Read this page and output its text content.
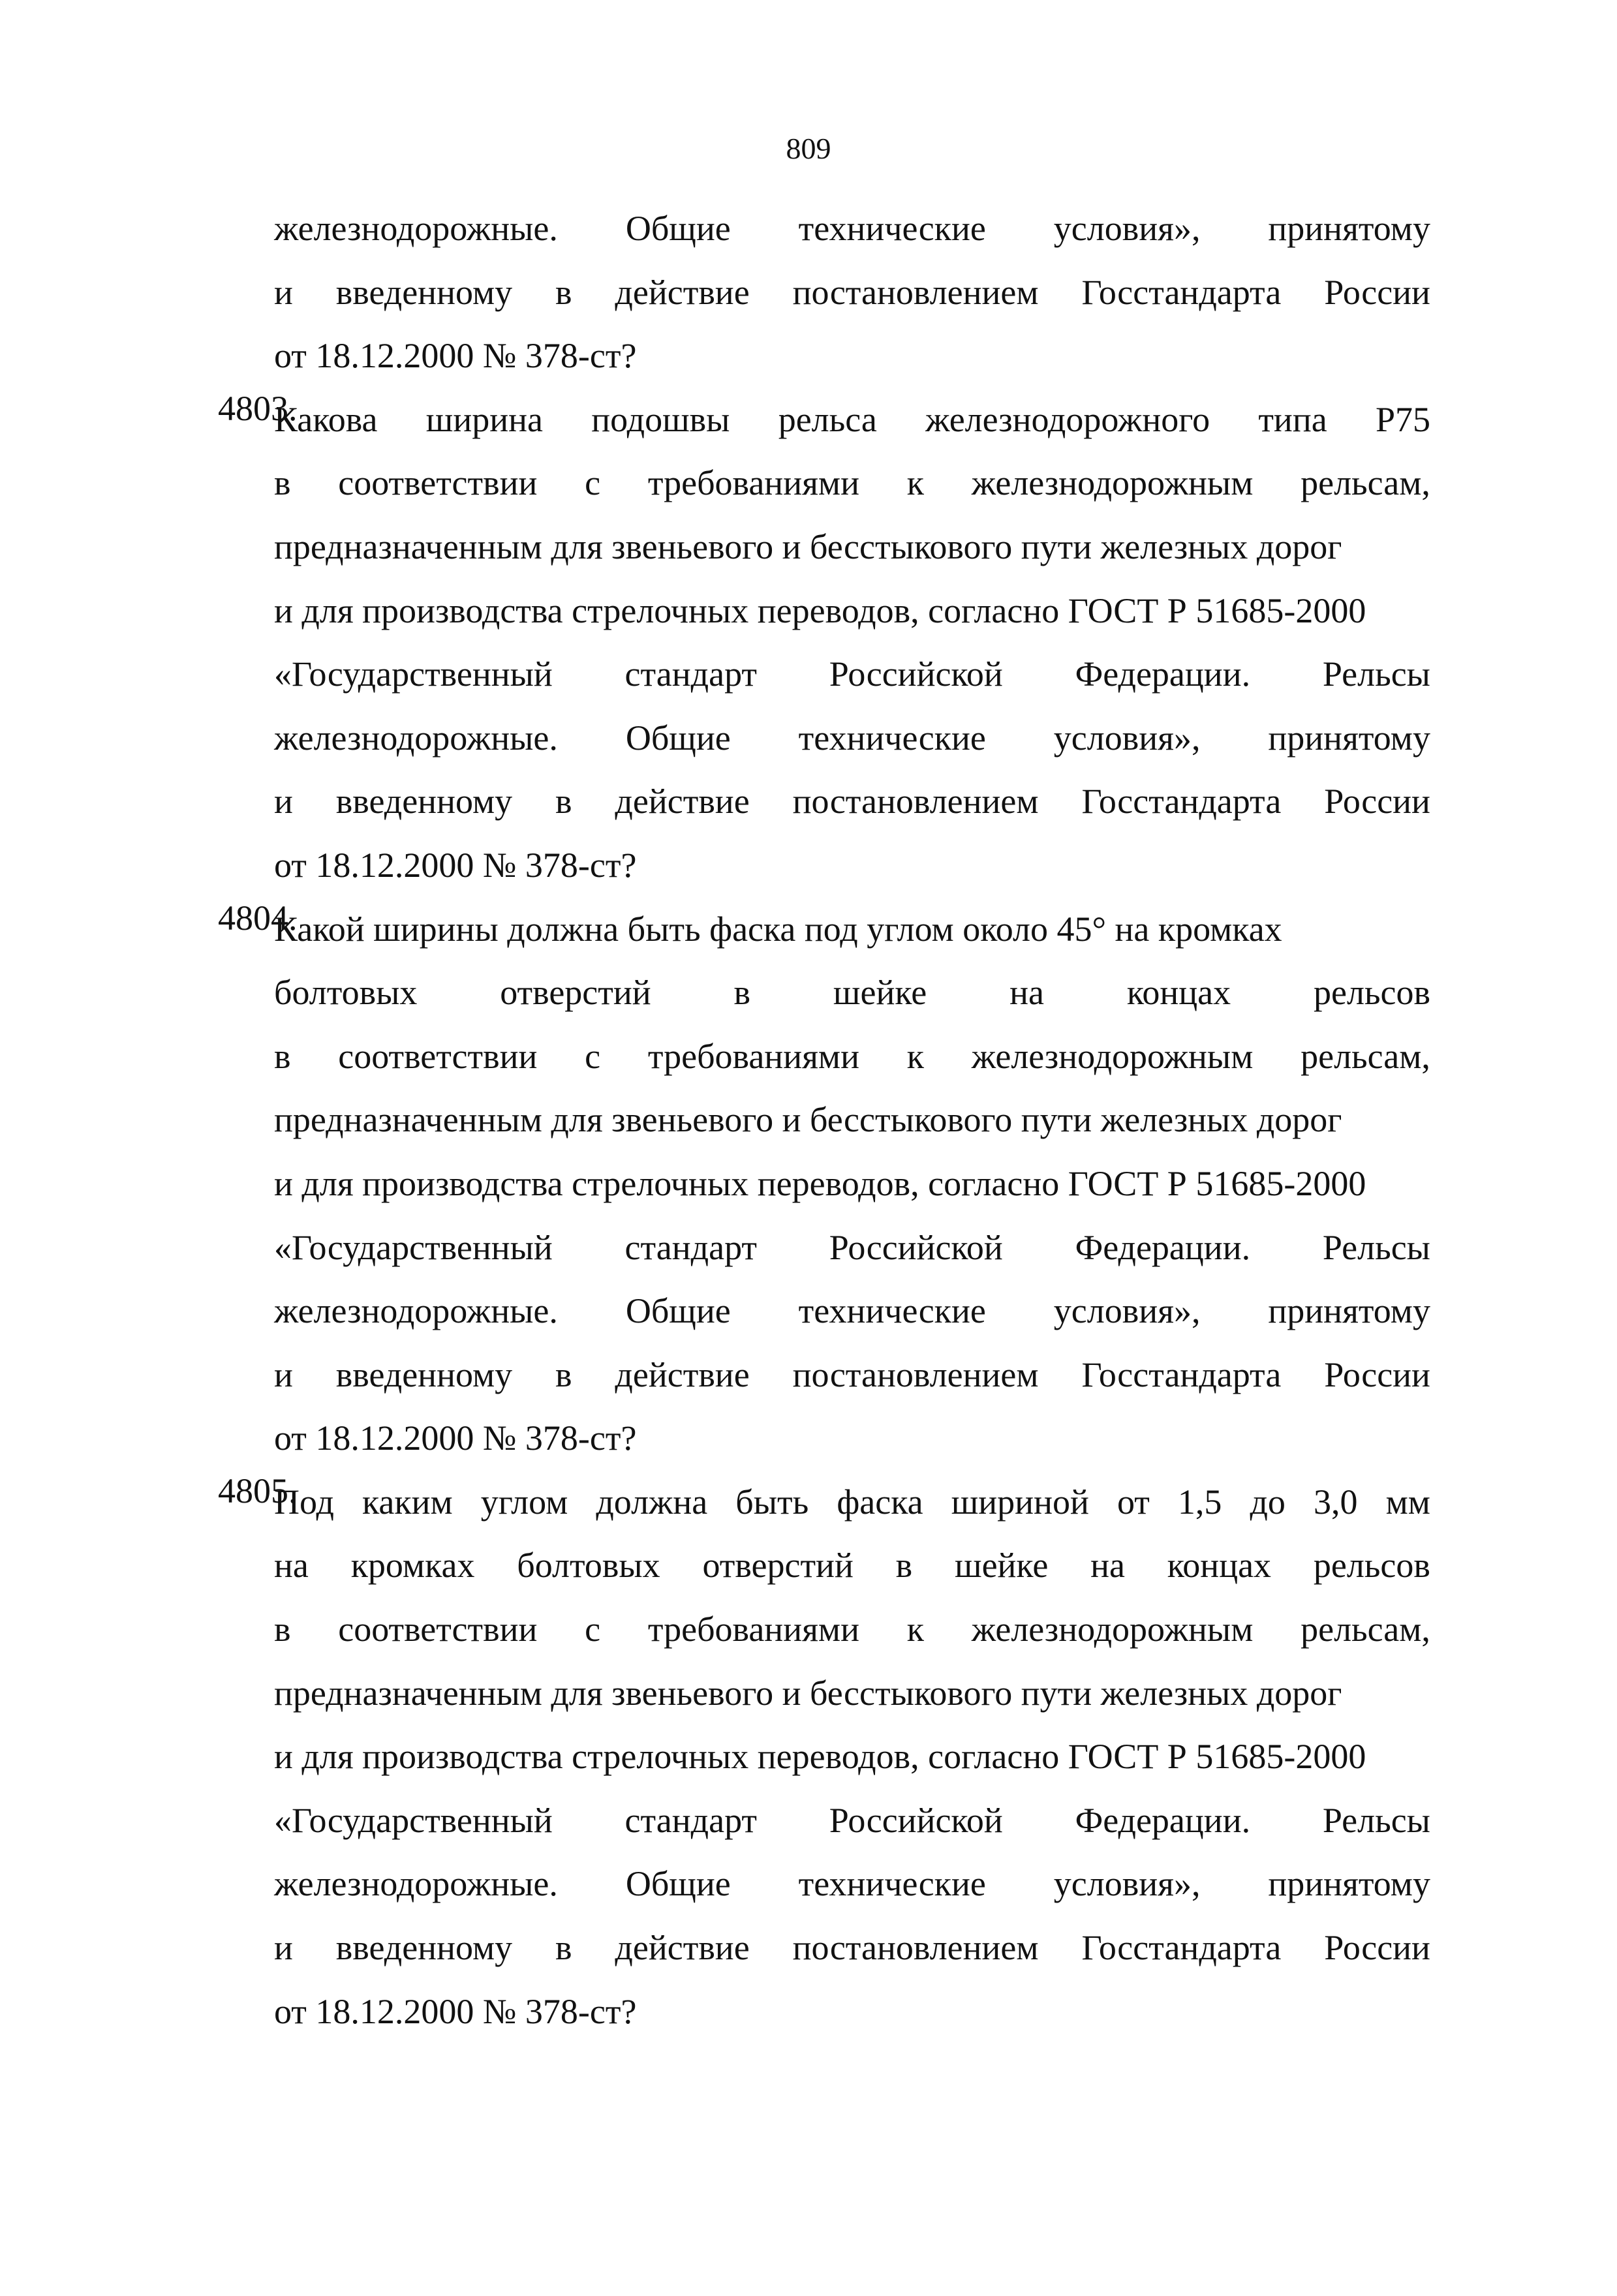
809
железнодорожные. Общие технические условия», принятому
и введенному в действие постановлением Госстандарта России
от 18.12.2000 № 378-ст?
4803.
Какова ширина подошвы рельса железнодорожного типа Р75
в соответствии с требованиями к железнодорожным рельсам,
предназначенным для звеньевого и бесстыкового пути железных дорог
и для производства стрелочных переводов, согласно ГОСТ Р 51685-2000
«Государственный стандарт Российской Федерации. Рельсы
железнодорожные. Общие технические условия», принятому
и введенному в действие постановлением Госстандарта России
от 18.12.2000 № 378-ст?
4804.
Какой ширины должна быть фаска под углом около 45° на кромках
болтовых отверстий в шейке на концах рельсов
в соответствии с требованиями к железнодорожным рельсам,
предназначенным для звеньевого и бесстыкового пути железных дорог
и для производства стрелочных переводов, согласно ГОСТ Р 51685-2000
«Государственный стандарт Российской Федерации. Рельсы
железнодорожные. Общие технические условия», принятому
и введенному в действие постановлением Госстандарта России
от 18.12.2000 № 378-ст?
4805.
Под каким углом должна быть фаска шириной от 1,5 до 3,0 мм
на кромках болтовых отверстий в шейке на концах рельсов
в соответствии с требованиями к железнодорожным рельсам,
предназначенным для звеньевого и бесстыкового пути железных дорог
и для производства стрелочных переводов, согласно ГОСТ Р 51685-2000
«Государственный стандарт Российской Федерации. Рельсы
железнодорожные. Общие технические условия», принятому
и введенному в действие постановлением Госстандарта России
от 18.12.2000 № 378-ст?
